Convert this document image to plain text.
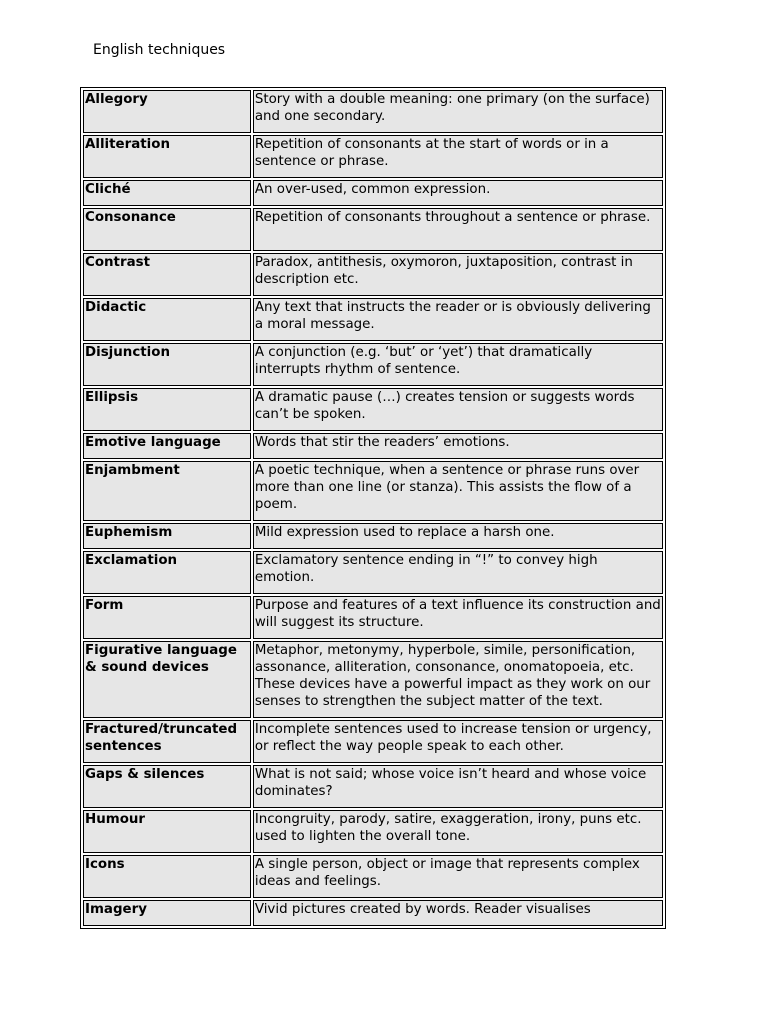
English techniques
Allegory	Story with a double meaning: one primary (on the surface) and one secondary.
Alliteration	Repetition of consonants at the start of words or in a sentence or phrase.
Cliché	An over-used, common expression.
Consonance	Repetition of consonants throughout a sentence or phrase.
Contrast	Paradox, antithesis, oxymoron, juxtaposition, contrast in description etc.
Didactic	Any text that instructs the reader or is obviously delivering a moral message.
Disjunction	A conjunction (e.g. ‘but’ or ‘yet’) that dramatically interrupts rhythm of sentence.
Ellipsis	A dramatic pause (…) creates tension or suggests words can’t be spoken.
Emotive language	Words that stir the readers’ emotions.
Enjambment	A poetic technique, when a sentence or phrase runs over more than one line (or stanza). This assists the flow of a poem.
Euphemism	Mild expression used to replace a harsh one.
Exclamation	Exclamatory sentence ending in “!” to convey high emotion.
Form	Purpose and features of a text influence its construction and will suggest its structure.
Figurative language & sound devices	Metaphor, metonymy, hyperbole, simile, personification, assonance, alliteration, consonance, onomatopoeia, etc. These devices have a powerful impact as they work on our senses to strengthen the subject matter of the text.
Fractured/truncated sentences	Incomplete sentences used to increase tension or urgency, or reflect the way people speak to each other.
Gaps & silences	What is not said; whose voice isn’t heard and whose voice dominates?
Humour	Incongruity, parody, satire, exaggeration, irony, puns etc. used to lighten the overall tone.
Icons	A single person, object or image that represents complex ideas and feelings.
Imagery	Vivid pictures created by words. Reader visualises
